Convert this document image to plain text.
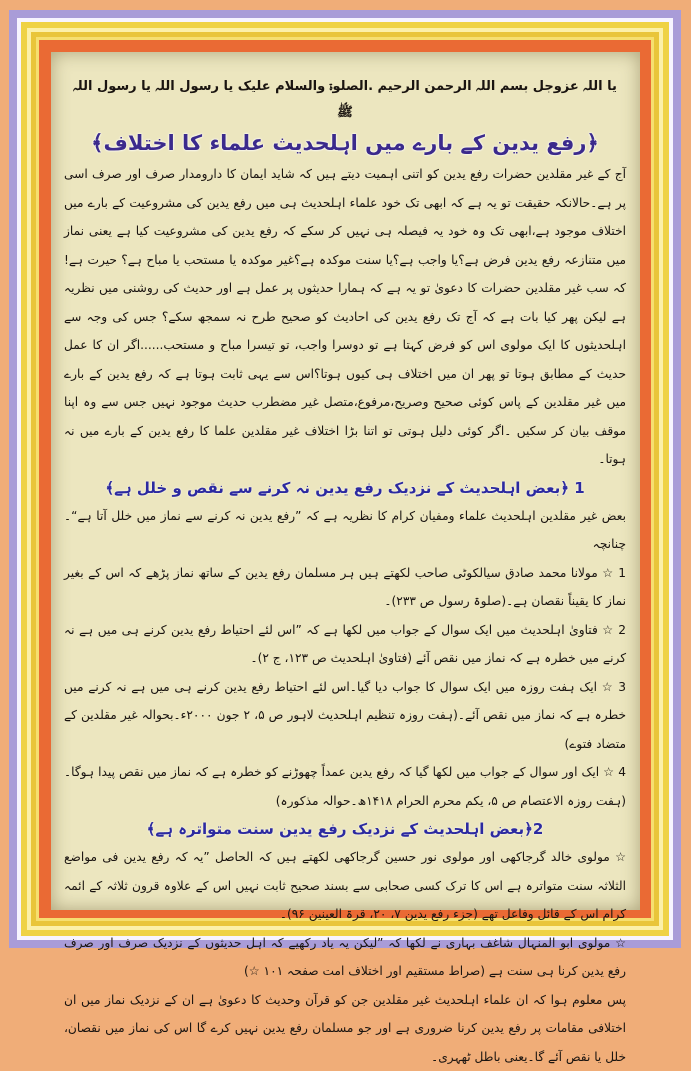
یا اللہ عزوجل بسم اللہ الرحمن الرحیم .الصلوۃ والسلام علیک یا رسول اللہ یا رسول اللہ ﷺ
﴿رفع یدین کے بارے میں اہلحدیث علماء کا اختلاف﴾

آج کے غیر مقلدین حضرات رفع یدین کو اتنی اہمیت دیتے ہیں کہ شاید ایمان کا دارومدار صرف اور صرف اسی پر ہے۔حالانکہ حقیقت تو یہ ہے کہ ابھی تک خود علماء اہلحدیث ہی میں رفع یدین کی مشروعیت کے بارے میں اختلاف موجود ہے،ابھی تک وہ خود یہ فیصلہ ہی نہیں کر سکے کہ رفع یدین کی مشروعیت کیا ہے یعنی نماز میں متنازعہ رفع یدین فرض ہے؟یا واجب ہے؟یا سنت موکدہ ہے؟غیر موکدہ یا مستحب یا مباح ہے؟ حیرت ہے!کہ سب غیر مقلدین حضرات کا دعویٰ تو یہ ہے کہ ہمارا حدیثوں پر عمل ہے اور حدیث کی روشنی میں نظریہ ہے لیکن پھر کیا بات ہے کہ آج تک رفع یدین کی احادیث کو صحیح طرح نہ سمجھ سکے؟ جس کی وجہ سے اہلحدیثوں کا ایک مولوی اس کو فرض کہتا ہے تو دوسرا واجب، تو تیسرا مباح و مستحب......اگر ان کا عمل حدیث کے مطابق ہوتا تو پھر ان میں اختلاف ہی کیوں ہوتا؟اس سے یہی ثابت ہوتا ہے کہ رفع یدین کے بارے میں غیر مقلدین کے پاس کوئی صحیح وصریح،مرفوع،متصل غیر مضطرب حدیث موجود نہیں جس سے وہ اپنا موقف بیان کر سکیں ۔اگر کوئی دلیل ہوتی تو اتنا بڑا اختلاف غیر مقلدین علما کا رفع یدین کے بارے میں نہ ہوتا۔

1 ﴿بعض اہلحدیث کے نزدیک رفع یدین نہ کرنے سے نقص و خلل ہے﴾

بعض غیر مقلدین اہلحدیث علماء ومفیان کرام کا نظریہ ہے کہ ”رفع یدین نہ کرنے سے نماز میں خلل آتا ہے“۔چنانچہ

1 ☆ مولانا محمد صادق سیالکوٹی صاحب لکھتے ہیں ہر مسلمان رفع یدین کے ساتھ نماز پڑھے کہ اس کے بغیر نماز کا یقیناً نقصان ہے۔(صلوۃ رسول ص ۲۳۳)۔

2 ☆ فتاویٰ اہلحدیث میں ایک سوال کے جواب میں لکھا ہے کہ ”اس لئے احتیاط رفع یدین کرنے ہی میں ہے نہ کرنے میں خطرہ ہے کہ نماز میں نقص آئے (فتاویٰ اہلحدیث ص ۱۲۳، ج ۲)۔

3 ☆ ایک ہفت روزہ میں ایک سوال کا جواب دیا گیا۔اس لئے احتیاط رفع یدین کرنے ہی میں ہے نہ کرنے میں خطرہ ہے کہ نماز میں نقص آئے۔(ہفت روزہ تنظیم اہلحدیث لاہور ص ۵، ۲ جون ۲۰۰۰ء۔بحوالہ غیر مقلدین کے متضاد فتوے)

4 ☆ ایک اور سوال کے جواب میں لکھا گیا کہ رفع یدین عمداً چھوڑنے کو خطرہ ہے کہ نماز میں نقص پیدا ہوگا۔(ہفت روزہ الاعتصام ص ۵، یکم محرم الحرام ۱۴۱۸ھ۔حوالہ مذکورہ)

2﴿بعض اہلحدیث کے نزدیک رفع یدین سنت متواترہ ہے﴾

☆ مولوی خالد گرجاکھی اور مولوی نور حسین گرجاکھی لکھتے ہیں کہ الحاصل ”یہ کہ رفع یدین فی مواضع الثلاثہ سنت متواترہ ہے اس کا ترک کسی صحابی سے بسند صحیح ثابت نہیں اس کے علاوہ قرون ثلاثہ کے ائمہ کرام اس کے قائل وفاعل تھے (جزء رفع یدین ۷، ۲۰، قرۃ العینین ۹۶)۔

☆ مولوی ابو المنہال شاغف بہاری نے لکھا کہ ”لیکن یہ یاد رکھیے کہ اہل حدیثوں کے نزدیک صرف اور صرف رفع یدین کرنا ہی سنت ہے (صراط مستقیم اور اختلاف امت صفحہ ۱۰۱ ☆)

پس معلوم ہوا کہ ان علماء اہلحدیث غیر مقلدین جن کو قرآن وحدیث کا دعویٰ ہے ان کے نزدیک نماز میں ان اختلافی مقامات پر رفع یدین کرنا ضروری ہے اور جو مسلمان رفع یدین نہیں کرے گا اس کی نماز میں نقصان، خلل یا نقص آئے گا۔یعنی باطل ٹھہری۔
